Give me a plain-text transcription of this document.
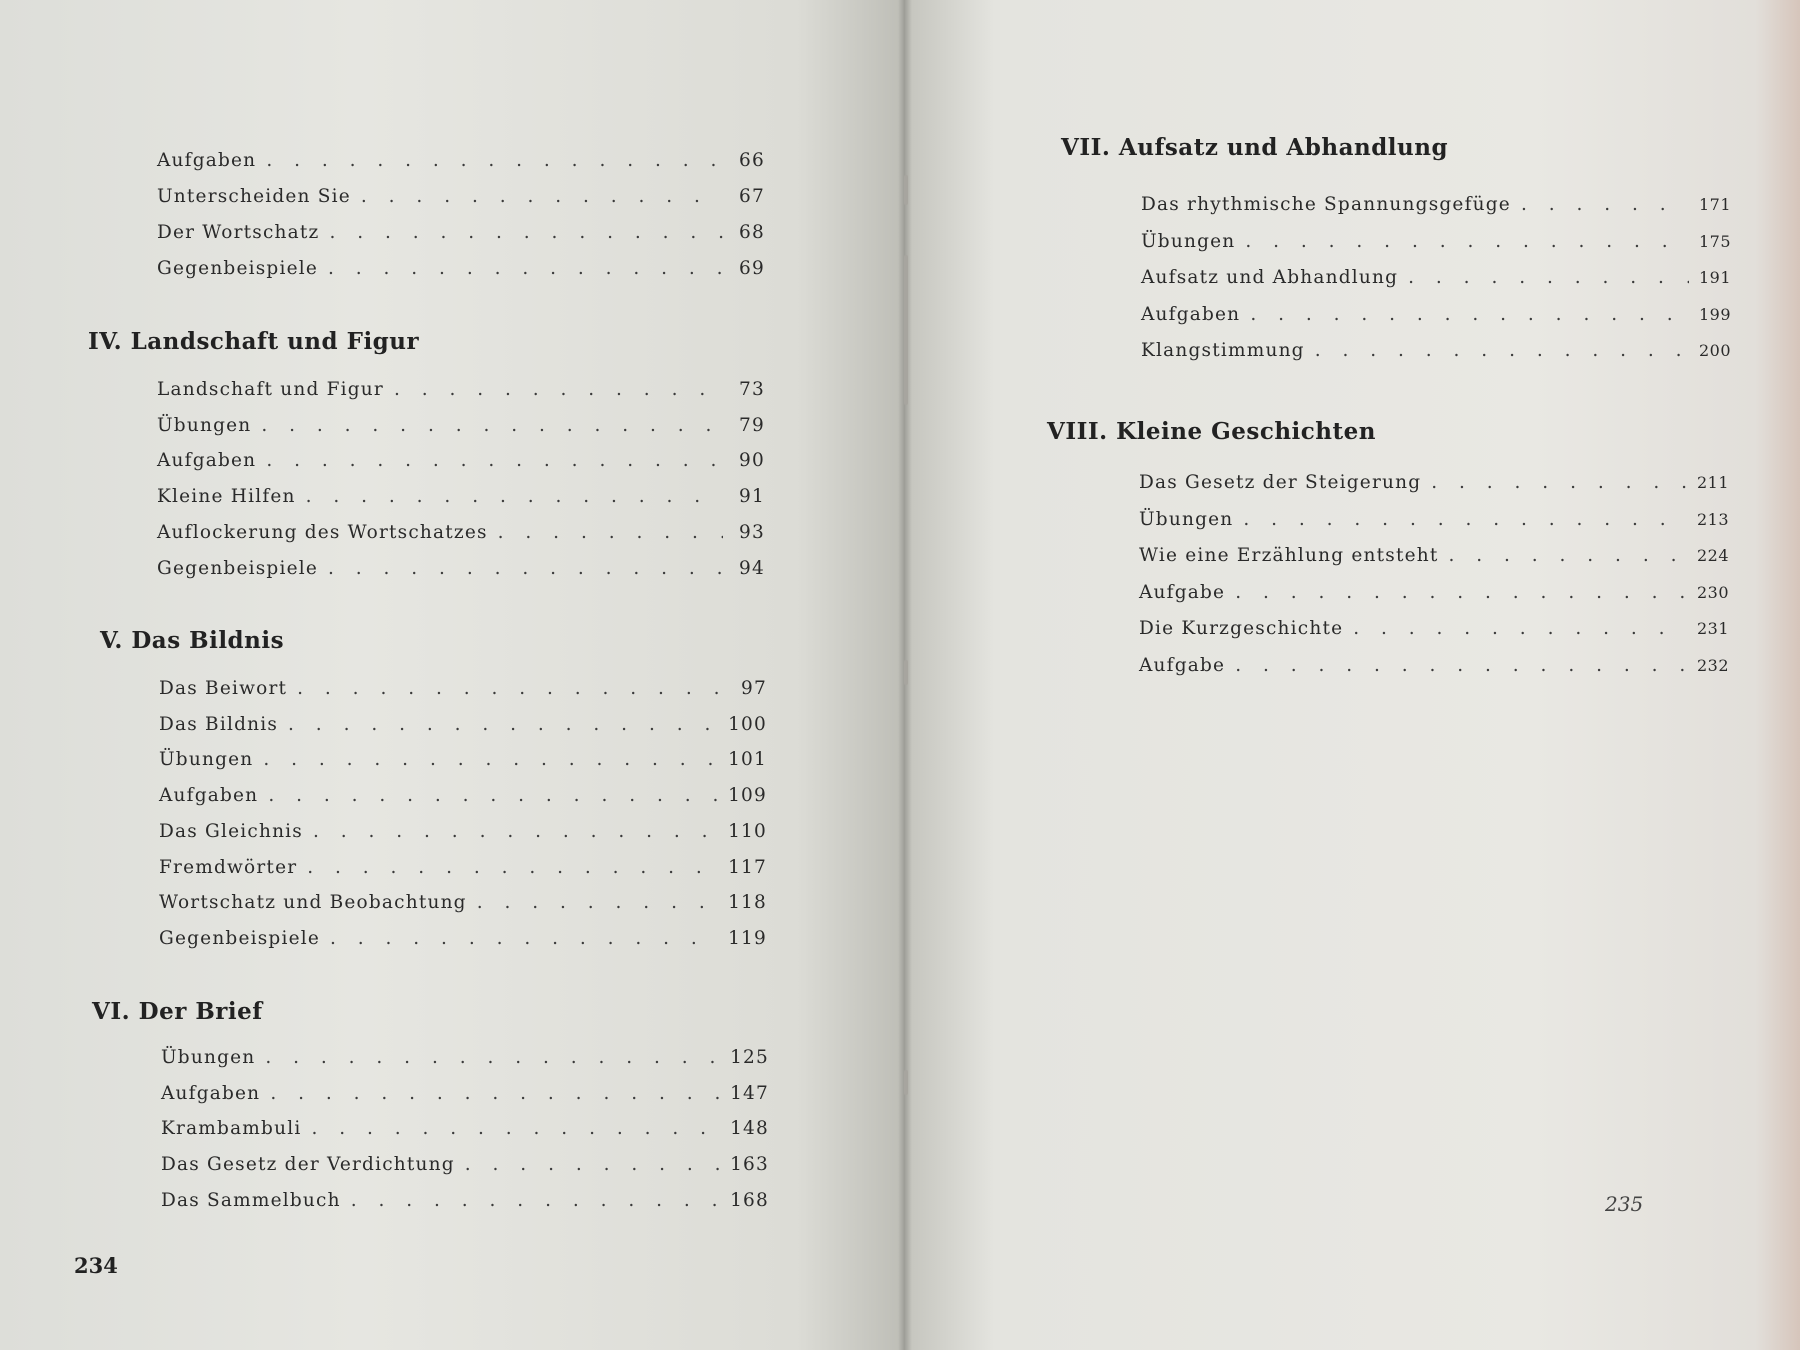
Aufgaben . . .	66
Unterscheiden Sie . . .	67
Der Wortschatz . . .	68
Gegenbeispiele . . .	69
IV. Landschaft und Figur
Landschaft und Figur . . .	73
Übungen . . .	79
Aufgaben . . .	90
Kleine Hilfen . . .	91
Auflockerung des Wortschatzes . . .	93
Gegenbeispiele . . .	94
V. Das Bildnis
Das Beiwort . . .	97
Das Bildnis . . .	100
Übungen . . .	101
Aufgaben . . .	109
Das Gleichnis . . .	110
Fremdwörter . . .	117
Wortschatz und Beobachtung . . .	118
Gegenbeispiele . . .	119
VI. Der Brief
Übungen . . .	125
Aufgaben . . .	147
Krambambuli . . .	148
Das Gesetz der Verdichtung . . .	163
Das Sammelbuch . . .	168
234
VII. Aufsatz und Abhandlung
Das rhythmische Spannungsgefüge . . .	171
Übungen . . .	175
Aufsatz und Abhandlung . . .	191
Aufgaben . . .	199
Klangstimmung . . .	200
VIII. Kleine Geschichten
Das Gesetz der Steigerung . . .	211
Übungen . . .	213
Wie eine Erzählung entsteht . . .	224
Aufgabe . . .	230
Die Kurzgeschichte . . .	231
Aufgabe . . .	232
235
